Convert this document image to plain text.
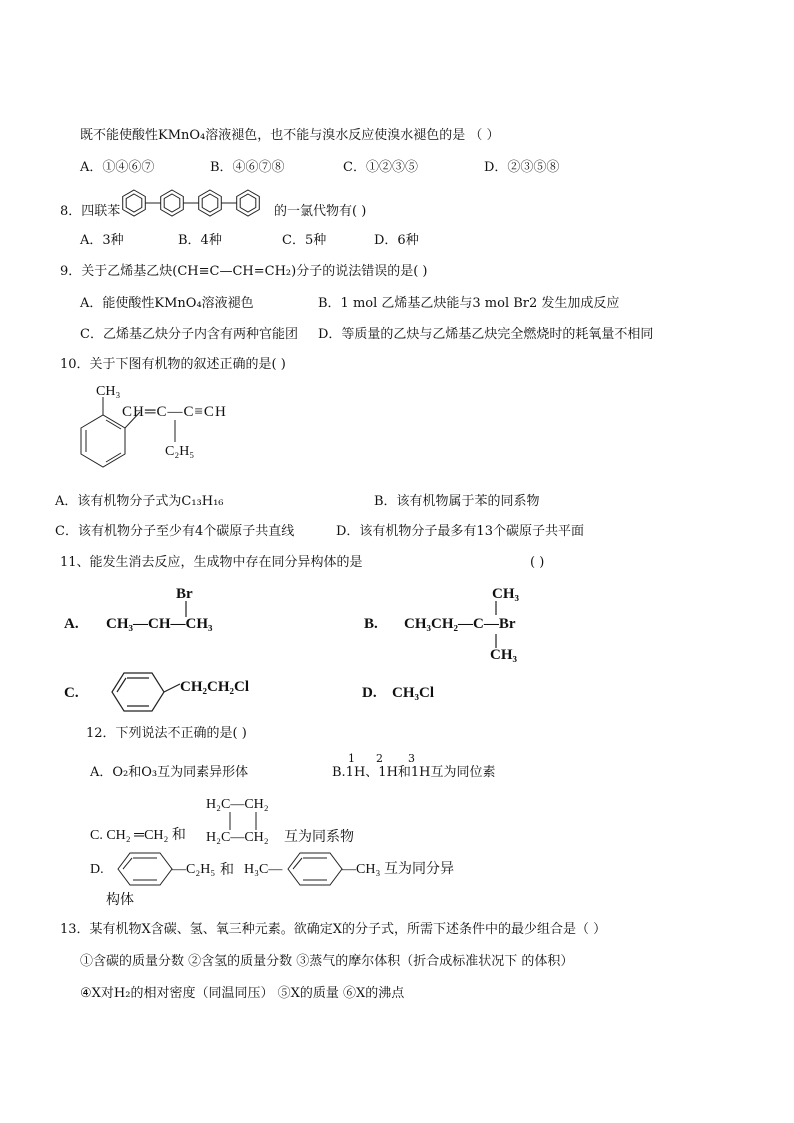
既不能使酸性KMnO₄溶液褪色，也不能与溴水反应使溴水褪色的是 （ ）
A．①④⑥⑦	B．④⑥⑦⑧	C．①②③⑤	D．②③⑤⑧
8．四联苯	的一氯代物有( )
A．3种	B．4种	C．5种	D．6种
9．关于乙烯基乙炔(CH≡C—CH=CH₂)分子的说法错误的是( )
A．能使酸性KMnO₄溶液褪色	B．1 mol 乙烯基乙炔能与3 mol Br2 发生加成反应
C．乙烯基乙炔分子内含有两种官能团 D．等质量的乙炔与乙烯基乙炔完全燃烧时的耗氧量不相同
10．关于下图有机物的叙述正确的是( )
CH₃
CH═C—C≡CH
C₂H₅
A．该有机物分子式为C₁₃H₁₆	B．该有机物属于苯的同系物
C．该有机物分子至少有4个碳原子共直线	D．该有机物分子最多有13个碳原子共平面
11、能发生消去反应，生成物中存在同分异构体的是	( )
A.
Br
CH₃—CH—CH₃	B.
CH₃
CH₃CH₂—C—Br
CH₃
C.	CH₂CH₂Cl	D. CH₃Cl
12．下列说法不正确的是( )
A．O₂和O₃互为同素异形体
1 2 3
B.1H、1H和1H互为同位素
C. CH₂ ═CH₂ 和
H₂C—CH₂
H₂C—CH₂ 互为同系物
D.	—C₂H₅ 和 H₃C—	—CH₃ 互为同分异
构体
13．某有机物X含碳、氢、氧三种元素。欲确定X的分子式，所需下述条件中的最少组合是（ ）
①含碳的质量分数 ②含氢的质量分数 ③蒸气的摩尔体积（折合成标准状况下 的体积）
④X对H₂的相对密度（同温同压） ⑤X的质量 ⑥X的沸点
